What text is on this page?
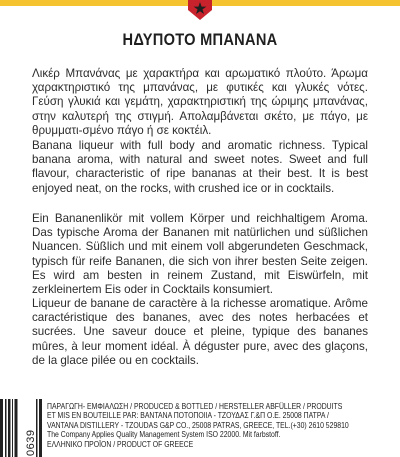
ΗΔΥΠΟΤΟ ΜΠΑΝΑΝΑ

Λικέρ Μπανάνας με χαρακτήρα και αρωματικό πλούτο. Άρωμα χαρακτηριστικό της μπανάνας, με φυτικές και γλυκές νότες. Γεύση γλυκιά και γεμάτη, χαρακτηριστική της ώριμης μπανάνας, στην καλυτερή της στιγμή. Απολαμβάνεται σκέτο, με πάγο, με θρυμματι-σμένο πάγο ή σε κοκτέιλ.

Banana liqueur with full body and aromatic richness. Typical banana aroma, with natural and sweet notes. Sweet and full flavour, characteristic of ripe bananas at their best. It is best enjoyed neat, on the rocks, with crushed ice or in cocktails.

Ein Bananenlikör mit vollem Körper und reichhaltigem Aroma. Das typische Aroma der Bananen mit natürlichen und süßlichen Nuancen. Süßlich und mit einem voll abgerundeten Geschmack, typisch für reife Bananen, die sich von ihrer besten Seite zeigen. Es wird am besten in reinem Zustand, mit Eiswürfeln, mit zerkleinertem Eis oder in Cocktails konsumiert.

Liqueur de banane de caractère à la richesse aromatique. Arôme caractéristique des bananes, avec des notes herbacées et sucrées. Une saveur douce et pleine, typique des bananes mûres, à leur moment idéal. À déguster pure, avec des glaçons, de la glace pilée ou en cocktails.

0639
ΠΑΡΑΓΩΓΗ- ΕΜΦΙΑΛΩΣΗ / PRODUCED & BOTTLED / HERSTELLER ABFÜLLER / PRODUITS
ET MIS EN BOUTEILLE PAR: ΒΑΝΤΑΝΑ ΠΟΤΟΠΟΙΙΑ - ΤΖΟΥΔΑΣ Γ.&Π Ο.Ε. 25008 ΠΑΤΡΑ /
VANTANA DISTILLERY - TZOUDAS G&P CO., 25008 PATRAS, GREECE, TEL.(+30) 2610 529810
The Company Applies Quality Management System ISO 22000. Mit farbstoff.
ΕΛΛΗΝΙΚΟ ΠΡΟΪΟΝ / PRODUCT OF GREECE
